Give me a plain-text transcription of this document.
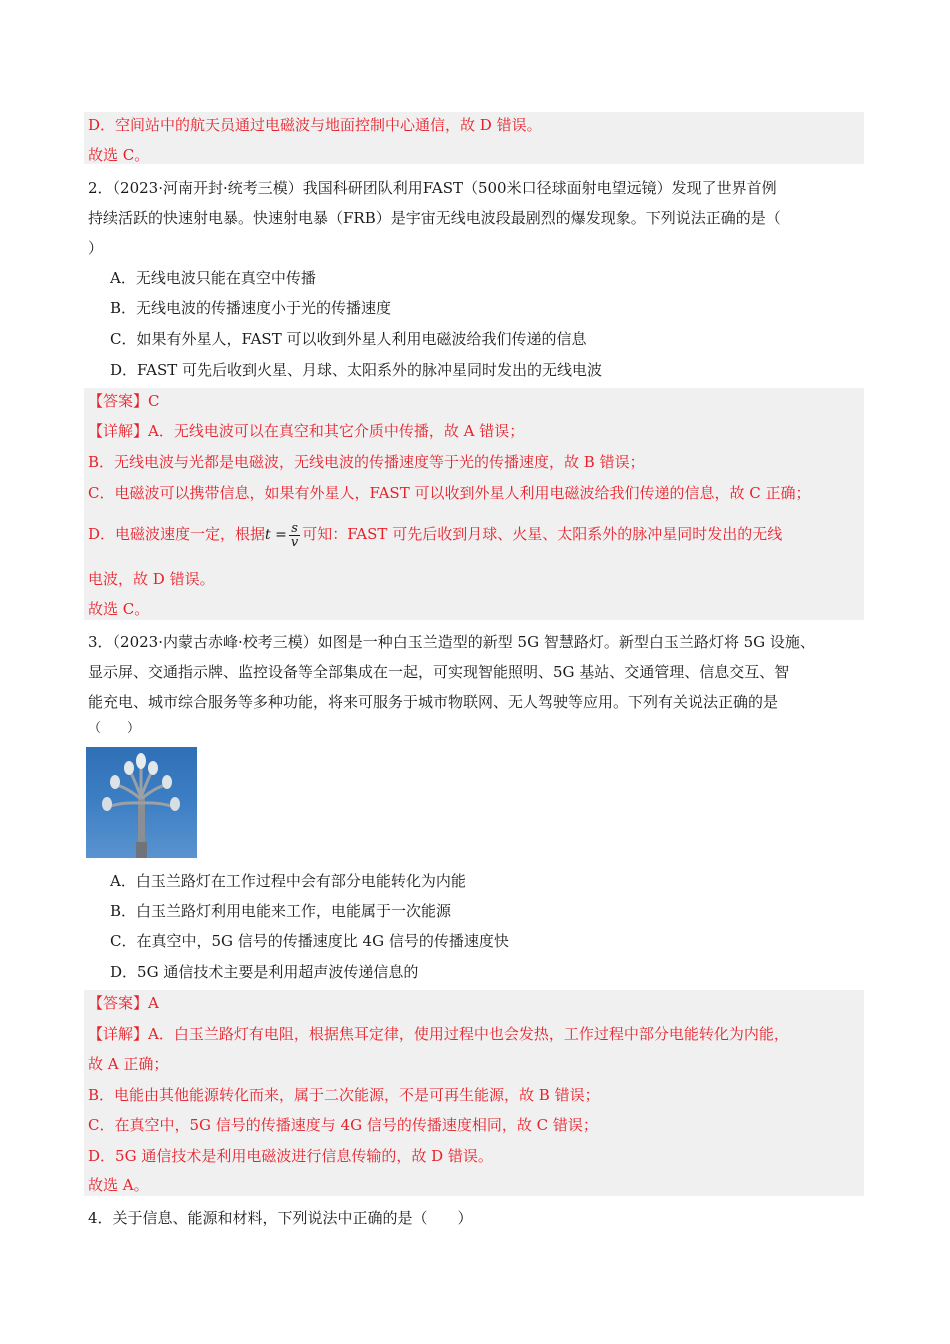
D．空间站中的航天员通过电磁波与地面控制中心通信，故 D 错误。
故选 C。
2．（2023·河南开封·统考三模）我国科研团队利用FAST（500米口径球面射电望远镜）发现了世界首例
持续活跃的快速射电暴。快速射电暴（FRB）是宇宙无线电波段最剧烈的爆发现象。下列说法正确的是（
）
A．无线电波只能在真空中传播
B．无线电波的传播速度小于光的传播速度
C．如果有外星人，FAST 可以收到外星人利用电磁波给我们传递的信息
D．FAST 可先后收到火星、月球、太阳系外的脉冲星同时发出的无线电波
【答案】C
【详解】A．无线电波可以在真空和其它介质中传播，故 A 错误；
B．无线电波与光都是电磁波，无线电波的传播速度等于光的传播速度，故 B 错误；
C．电磁波可以携带信息，如果有外星人，FAST 可以收到外星人利用电磁波给我们传递的信息，故 C 正确；
D．电磁波速度一定，根据$t = \frac{s}{v}$ 可知：FAST 可先后收到月球、火星、太阳系外的脉冲星同时发出的无线
电波，故 D 错误。
故选 C。
3．（2023·内蒙古赤峰·校考三模）如图是一种白玉兰造型的新型 5G 智慧路灯。新型白玉兰路灯将 5G 设施、
显示屏、交通指示牌、监控设备等全部集成在一起，可实现智能照明、5G 基站、交通管理、信息交互、智
能充电、城市综合服务等多种功能，将来可服务于城市物联网、无人驾驶等应用。下列有关说法正确的是
（　　）
A．白玉兰路灯在工作过程中会有部分电能转化为内能
B．白玉兰路灯利用电能来工作，电能属于一次能源
C．在真空中，5G 信号的传播速度比 4G 信号的传播速度快
D．5G 通信技术主要是利用超声波传递信息的
【答案】A
【详解】A．白玉兰路灯有电阻，根据焦耳定律，使用过程中也会发热，工作过程中部分电能转化为内能，
故 A 正确；
B．电能由其他能源转化而来，属于二次能源，不是可再生能源，故 B 错误；
C．在真空中，5G 信号的传播速度与 4G 信号的传播速度相同，故 C 错误；
D．5G 通信技术是利用电磁波进行信息传输的，故 D 错误。
故选 A。
4．关于信息、能源和材料，下列说法中正确的是（　　）
